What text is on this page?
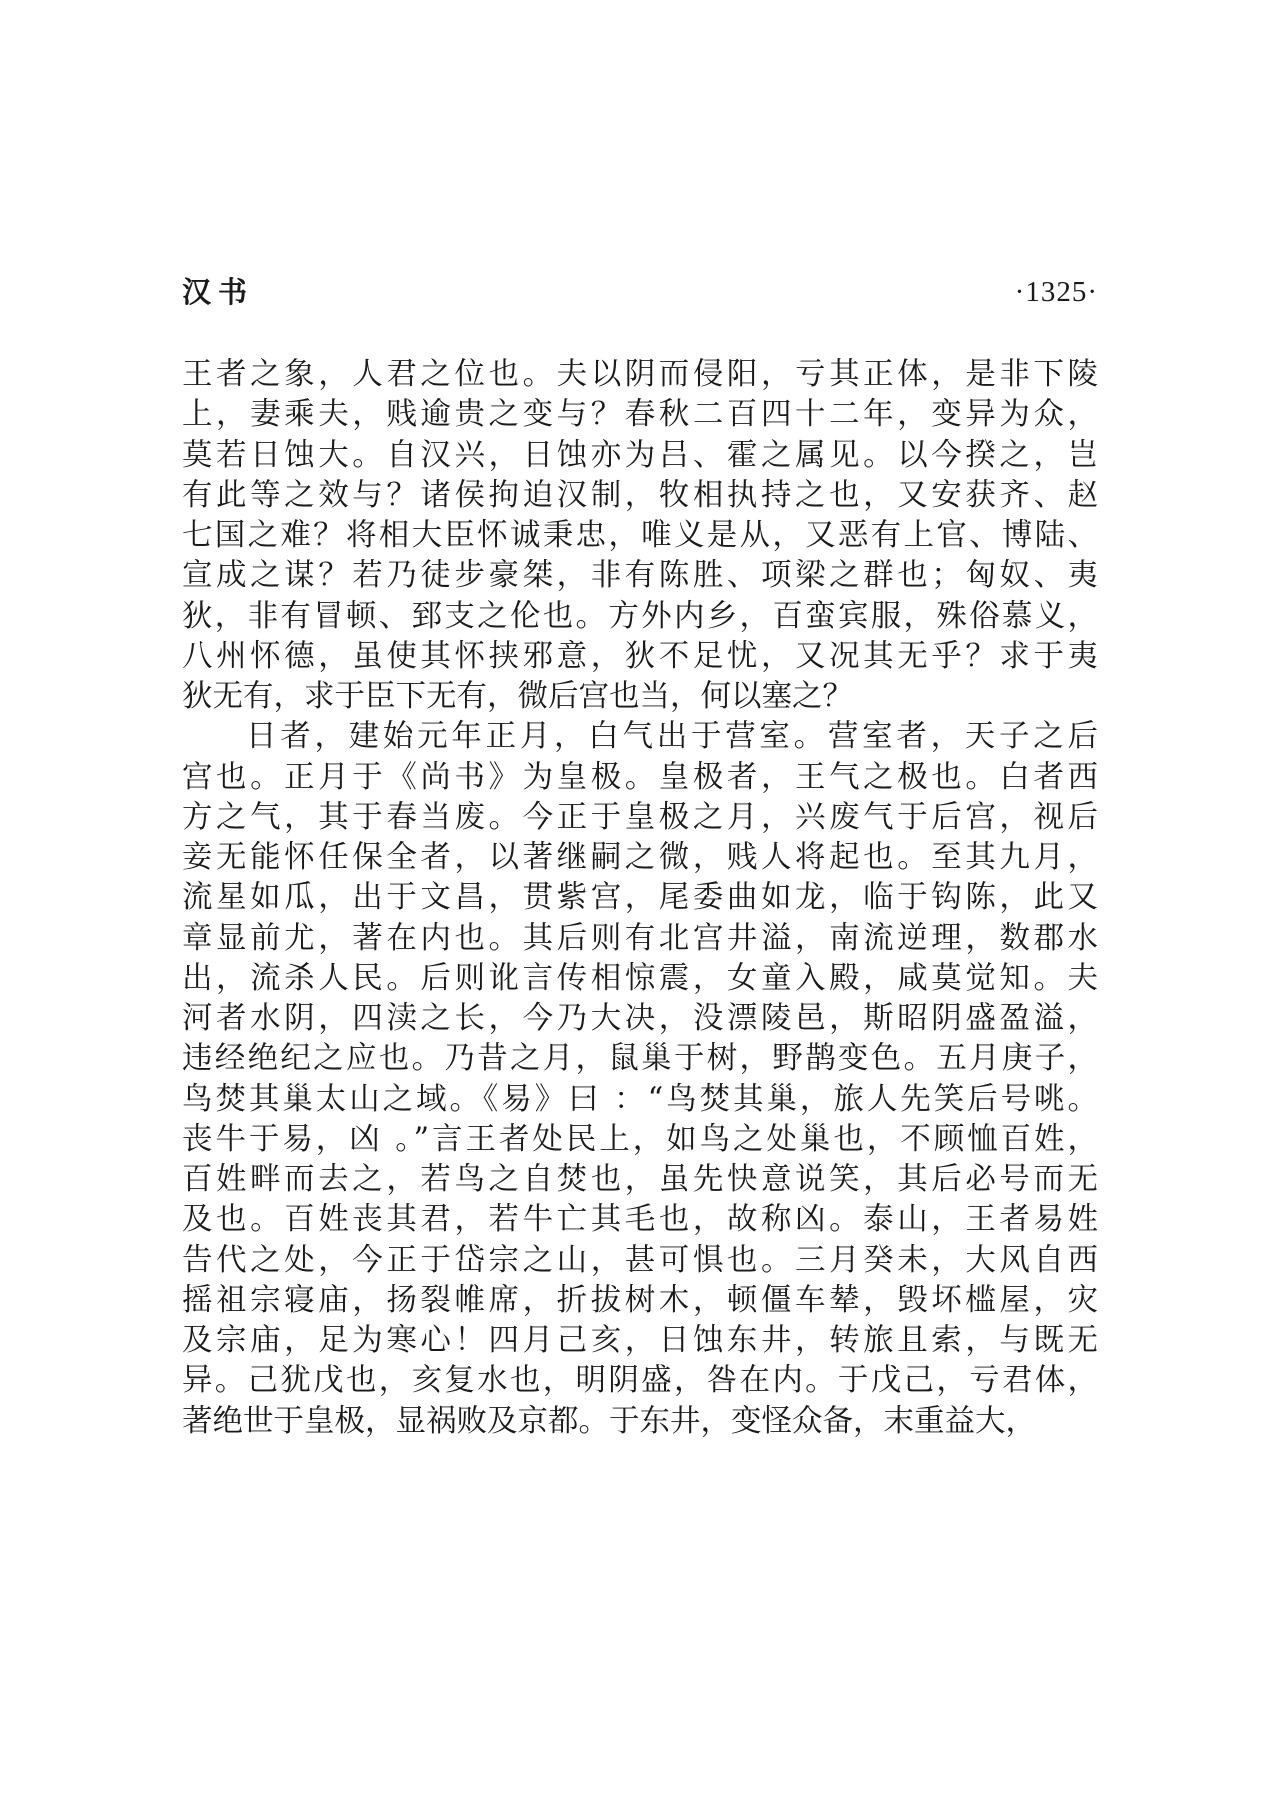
汉书	·1325·
王者之象，人君之位也。夫以阴而侵阳，亏其正体，是非下陵
上，妻乘夫，贱逾贵之变与？春秋二百四十二年，变异为众，
莫若日蚀大。自汉兴，日蚀亦为吕、霍之属见。以今揆之，岂
有此等之效与？诸侯拘迫汉制，牧相执持之也，又安获齐、赵
七国之难？将相大臣怀诚秉忠，唯义是从，又恶有上官、博陆、
宣成之谋？若乃徒步豪桀，非有陈胜、项梁之群也；匈奴、夷
狄，非有冒顿、郅支之伦也。方外内乡，百蛮宾服，殊俗慕义，
八州怀德，虽使其怀挟邪意，狄不足忧，又况其无乎？求于夷
狄无有，求于臣下无有，微后宫也当，何以塞之？
日者，建始元年正月，白气出于营室。营室者，天子之后
宫也。正月于《尚书》为皇极。皇极者，王气之极也。白者西
方之气，其于春当废。今正于皇极之月，兴废气于后宫，视后
妾无能怀任保全者，以著继嗣之微，贱人将起也。至其九月，
流星如瓜，出于文昌，贯紫宫，尾委曲如龙，临于钩陈，此又
章显前尤，著在内也。其后则有北宫井溢，南流逆理，数郡水
出，流杀人民。后则讹言传相惊震，女童入殿，咸莫觉知。夫
河者水阴，四渎之长，今乃大决，没漂陵邑，斯昭阴盛盈溢，
违经绝纪之应也。乃昔之月，鼠巢于树，野鹊变色。五月庚子，
鸟焚其巢太山之域。《易》曰 ：“鸟焚其巢，旅人先笑后号咷。
丧牛于易，凶 。”言王者处民上，如鸟之处巢也，不顾恤百姓，
百姓畔而去之，若鸟之自焚也，虽先快意说笑，其后必号而无
及也。百姓丧其君，若牛亡其毛也，故称凶。泰山，王者易姓
告代之处，今正于岱宗之山，甚可惧也。三月癸未，大风自西
摇祖宗寝庙，扬裂帷席，折拔树木，顿僵车辇，毁坏槛屋，灾
及宗庙，足为寒心！四月己亥，日蚀东井，转旅且索，与既无
异。己犹戊也，亥复水也，明阴盛，咎在内。于戊己，亏君体，
著绝世于皇极，显祸败及京都。于东井，变怪众备，末重益大，
